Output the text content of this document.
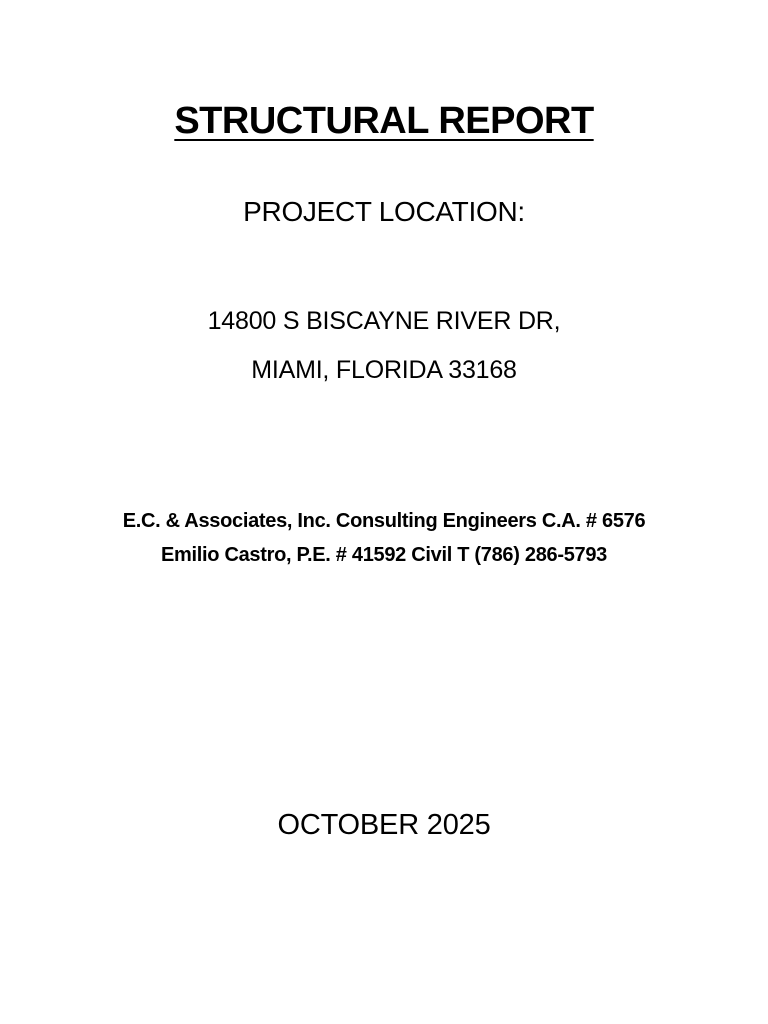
STRUCTURAL REPORT
PROJECT LOCATION:
14800 S BISCAYNE RIVER DR,
MIAMI, FLORIDA 33168
E.C. & Associates, Inc. Consulting Engineers C.A. # 6576
Emilio Castro, P.E. # 41592 Civil T (786) 286-5793
OCTOBER 2025
